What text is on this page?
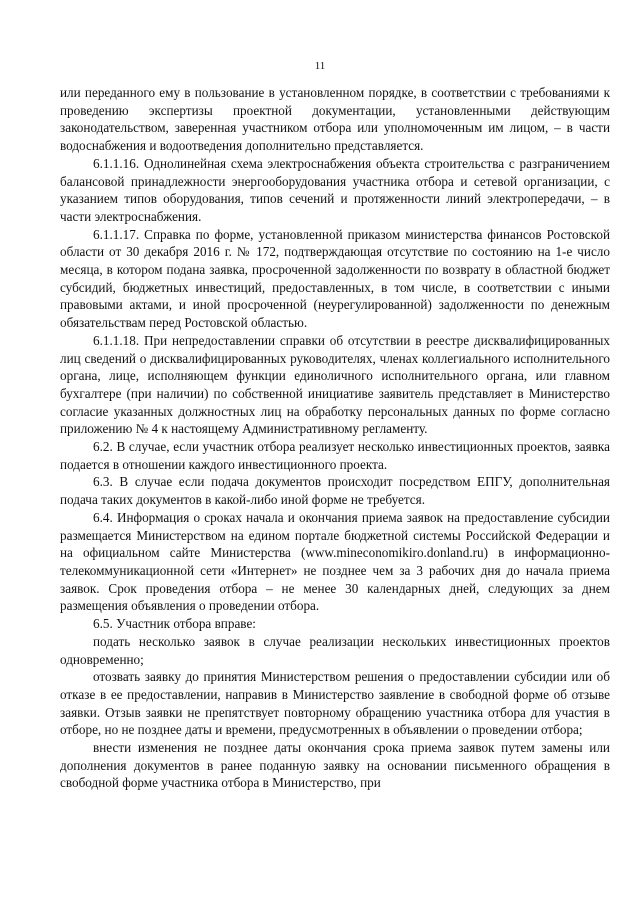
11

или переданного ему в пользование в установленном порядке, в соответствии с требованиями к проведению экспертизы проектной документации, установленными действующим законодательством, заверенная участником отбора или уполномоченным им лицом, – в части водоснабжения и водоотведения дополнительно представляется.

6.1.1.16. Однолинейная схема электроснабжения объекта строительства с разграничением балансовой принадлежности энергооборудования участника отбора и сетевой организации, с указанием типов оборудования, типов сечений и протяженности линий электропередачи, – в части электроснабжения.

6.1.1.17. Справка по форме, установленной приказом министерства финансов Ростовской области от 30 декабря 2016 г. № 172, подтверждающая отсутствие по состоянию на 1-е число месяца, в котором подана заявка, просроченной задолженности по возврату в областной бюджет субсидий, бюджетных инвестиций, предоставленных, в том числе, в соответствии с иными правовыми актами, и иной просроченной (неурегулированной) задолженности по денежным обязательствам перед Ростовской областью.

6.1.1.18. При непредоставлении справки об отсутствии в реестре дисквалифицированных лиц сведений о дисквалифицированных руководителях, членах коллегиального исполнительного органа, лице, исполняющем функции единоличного исполнительного органа, или главном бухгалтере (при наличии) по собственной инициативе заявитель представляет в Министерство согласие указанных должностных лиц на обработку персональных данных по форме согласно приложению № 4 к настоящему Административному регламенту.

6.2. В случае, если участник отбора реализует несколько инвестиционных проектов, заявка подается в отношении каждого инвестиционного проекта.

6.3. В случае если подача документов происходит посредством ЕПГУ, дополнительная подача таких документов в какой-либо иной форме не требуется.

6.4. Информация о сроках начала и окончания приема заявок на предоставление субсидии размещается Министерством на едином портале бюджетной системы Российской Федерации и на официальном сайте Министерства (www.mineconomikiro.donland.ru) в информационно-телекоммуникационной сети «Интернет» не позднее чем за 3 рабочих дня до начала приема заявок. Срок проведения отбора – не менее 30 календарных дней, следующих за днем размещения объявления о проведении отбора.

6.5. Участник отбора вправе:

подать несколько заявок в случае реализации нескольких инвестиционных проектов одновременно;

отозвать заявку до принятия Министерством решения о предоставлении субсидии или об отказе в ее предоставлении, направив в Министерство заявление в свободной форме об отзыве заявки. Отзыв заявки не препятствует повторному обращению участника отбора для участия в отборе, но не позднее даты и времени, предусмотренных в объявлении о проведении отбора;

внести изменения не позднее даты окончания срока приема заявок путем замены или дополнения документов в ранее поданную заявку на основании письменного обращения в свободной форме участника отбора в Министерство, при
